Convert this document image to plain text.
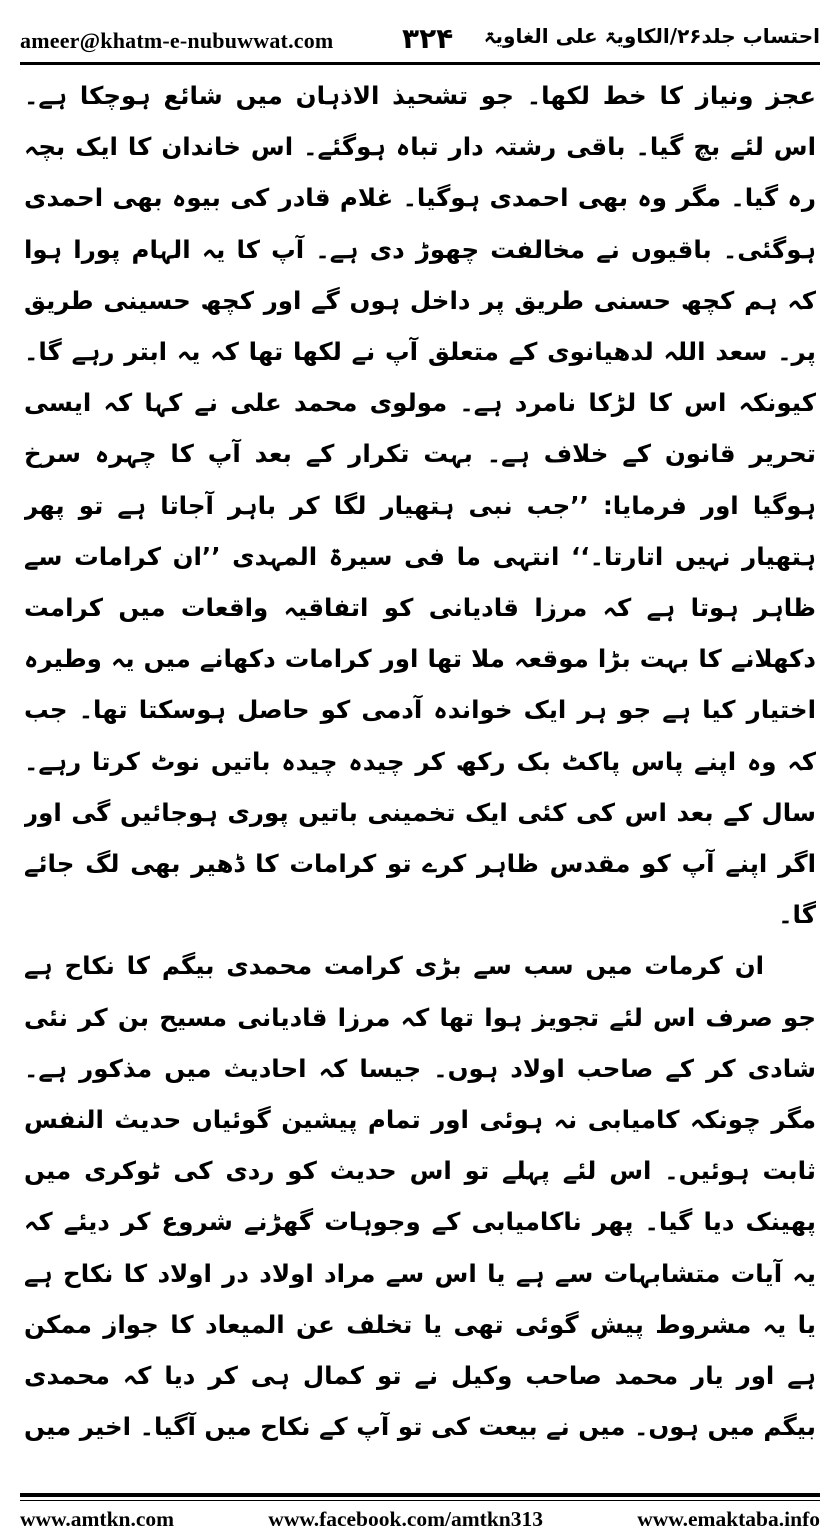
ameer@khatm-e-nubuwwat.com ۳۲۴ احتساب جلد۲۶/الکاویۃ علی الغاویۃ

عجز ونیاز کا خط لکھا۔ جو تشحیذ الاذہان میں شائع ہوچکا ہے۔ اس لئے بچ گیا۔ باقی رشتہ دار تباہ ہوگئے۔ اس خاندان کا ایک بچہ رہ گیا۔ مگر وہ بھی احمدی ہوگیا۔ غلام قادر کی بیوہ بھی احمدی ہوگئی۔ باقیوں نے مخالفت چھوڑ دی ہے۔ آپ کا یہ الہام پورا ہوا کہ ہم کچھ حسنی طریق پر داخل ہوں گے اور کچھ حسینی طریق پر۔ سعد اللہ لدھیانوی کے متعلق آپ نے لکھا تھا کہ یہ ابتر رہے گا۔ کیونکہ اس کا لڑکا نامرد ہے۔ مولوی محمد علی نے کہا کہ ایسی تحریر قانون کے خلاف ہے۔ بہت تکرار کے بعد آپ کا چہرہ سرخ ہوگیا اور فرمایا: ’’جب نبی ہتھیار لگا کر باہر آجاتا ہے تو پھر ہتھیار نہیں اتارتا۔‘‘ انتہی ما فی سیرۃ المہدی ’’ان کرامات سے ظاہر ہوتا ہے کہ مرزا قادیانی کو اتفاقیہ واقعات میں کرامت دکھلانے کا بہت بڑا موقعہ ملا تھا اور کرامات دکھانے میں یہ وطیرہ اختیار کیا ہے جو ہر ایک خواندہ آدمی کو حاصل ہوسکتا تھا۔ جب کہ وہ اپنے پاس پاکٹ بک رکھ کر چیدہ چیدہ باتیں نوٹ کرتا رہے۔ سال کے بعد اس کی کئی ایک تخمینی باتیں پوری ہوجائیں گی اور اگر اپنے آپ کو مقدس ظاہر کرے تو کرامات کا ڈھیر بھی لگ جائے گا۔

ان کرمات میں سب سے بڑی کرامت محمدی بیگم کا نکاح ہے جو صرف اس لئے تجویز ہوا تھا کہ مرزا قادیانی مسیح بن کر نئی شادی کر کے صاحب اولاد ہوں۔ جیسا کہ احادیث میں مذکور ہے۔ مگر چونکہ کامیابی نہ ہوئی اور تمام پیشین گوئیاں حدیث النفس ثابت ہوئیں۔ اس لئے پہلے تو اس حدیث کو ردی کی ٹوکری میں پھینک دیا گیا۔ پھر ناکامیابی کے وجوہات گھڑنے شروع کر دیئے کہ یہ آیات متشابہات سے ہے یا اس سے مراد اولاد در اولاد کا نکاح ہے یا یہ مشروط پیش گوئی تھی یا تخلف عن المیعاد کا جواز ممکن ہے اور یار محمد صاحب وکیل نے تو کمال ہی کر دیا کہ محمدی بیگم میں ہوں۔ میں نے بیعت کی تو آپ کے نکاح میں آگیا۔ اخیر میں

www.amtkn.com	www.facebook.com/amtkn313	www.emaktaba.info
